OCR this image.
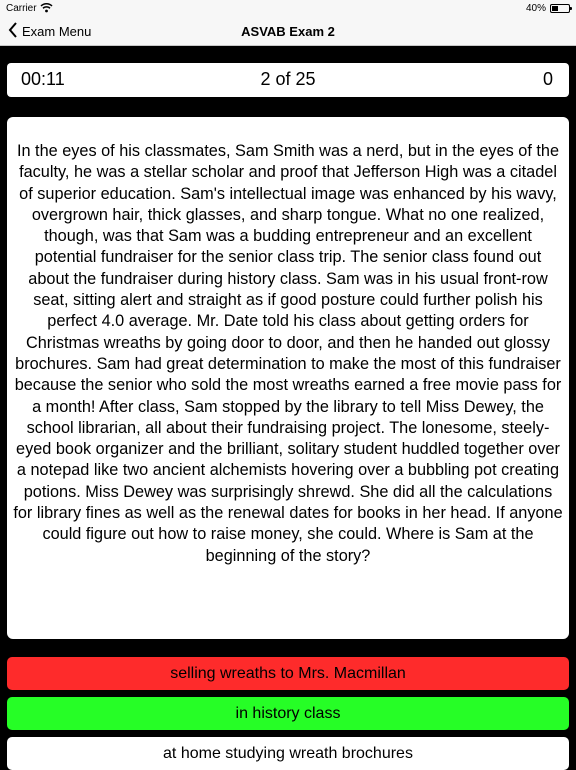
Carrier	40%
Exam Menu	ASVAB Exam 2
00:11	2 of 25	0

In the eyes of his classmates, Sam Smith was a nerd, but in the eyes of the faculty, he was a stellar scholar and proof that Jefferson High was a citadel of superior education. Sam's intellectual image was enhanced by his wavy, overgrown hair, thick glasses, and sharp tongue. What no one realized, though, was that Sam was a budding entrepreneur and an excellent potential fundraiser for the senior class trip. The senior class found out about the fundraiser during history class. Sam was in his usual front-row seat, sitting alert and straight as if good posture could further polish his perfect 4.0 average. Mr. Date told his class about getting orders for Christmas wreaths by going door to door, and then he handed out glossy brochures. Sam had great determination to make the most of this fundraiser because the senior who sold the most wreaths earned a free movie pass for a month! After class, Sam stopped by the library to tell Miss Dewey, the school librarian, all about their fundraising project. The lonesome, steely-eyed book organizer and the brilliant, solitary student huddled together over a notepad like two ancient alchemists hovering over a bubbling pot creating potions. Miss Dewey was surprisingly shrewd. She did all the calculations for library fines as well as the renewal dates for books in her head. If anyone could figure out how to raise money, she could. Where is Sam at the beginning of the story?

selling wreaths to Mrs. Macmillan
in history class
at home studying wreath brochures
